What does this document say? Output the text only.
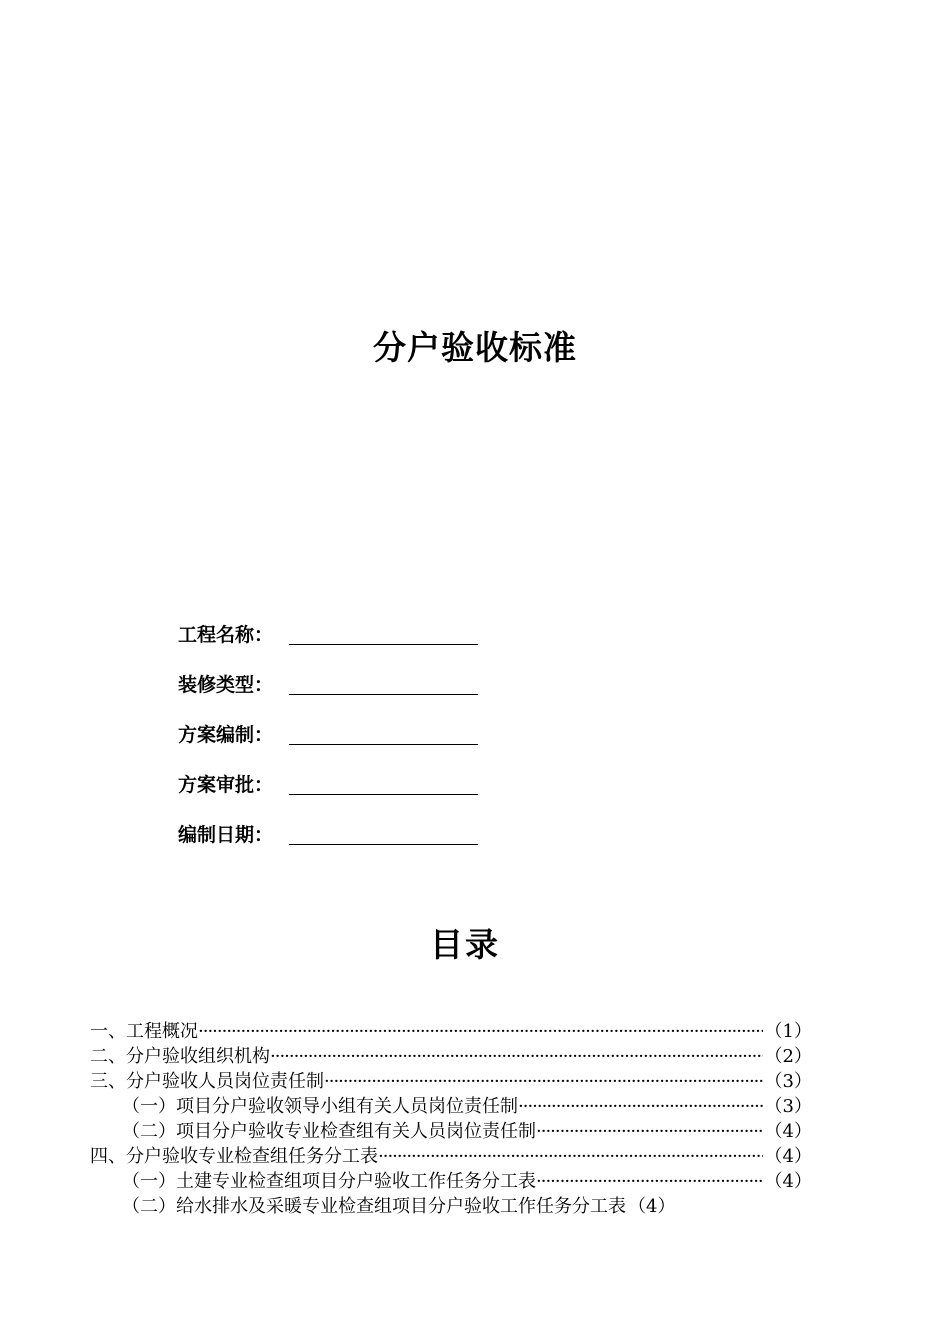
分户验收标准
工程名称：
装修类型：
方案编制：
方案审批：
编制日期：
目录
一、工程概况 ·····	（1）
二、分户验收组织机构 ·····	（2）
三、分户验收人员岗位责任制 ·····	（3）
（一）项目分户验收领导小组有关人员岗位责任制 ·····	（3）
（二）项目分户验收专业检查组有关人员岗位责任制 ·····	（4）
四、分户验收专业检查组任务分工表 ·····	（4）
（一）土建专业检查组项目分户验收工作任务分工表 ·····	（4）
（二）给水排水及采暖专业检查组项目分户验收工作任务分工表 （4）
